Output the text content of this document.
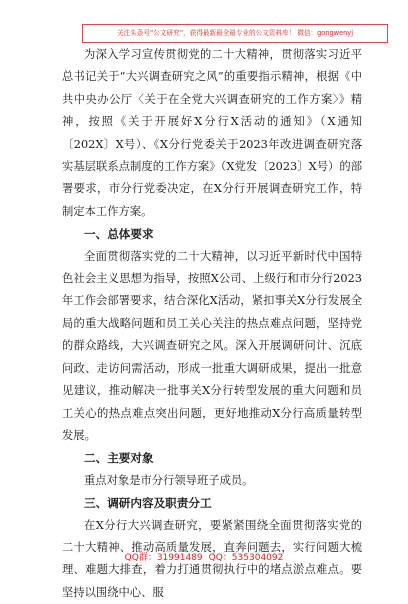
关注头条号“公文研究”，获得最新最全最专业的公文资料库！ 微信：gongwenyj

为深入学习宣传贯彻党的二十大精神，贯彻落实习近平总书记关于“大兴调查研究之风”的重要指示精神，根据《中共中央办公厅〈关于在全党大兴调查研究的工作方案〉》精神，按照《关于开展好X分行X活动的通知》（X通知〔202X〕X号）、《X分行党委关于2023年改进调查研究落实基层联系点制度的工作方案》（X党发〔2023〕X号）的部署要求，市分行党委决定，在X分行开展调查研究工作，特制定本工作方案。

一、总体要求

全面贯彻落实党的二十大精神，以习近平新时代中国特色社会主义思想为指导，按照X公司、上级行和市分行2023年工作会部署要求，结合深化X活动，紧扣事关X分行发展全局的重大战略问题和员工关心关注的热点难点问题，坚持党的群众路线，大兴调查研究之风。深入开展调研问计、沉底问政、走访问需活动，形成一批重大调研成果，提出一批意见建议，推动解决一批事关X分行转型发展的重大问题和员工关心的热点难点突出问题，更好地推动X分行高质量转型发展。

二、主要对象

重点对象是市分行领导班子成员。

三、调研内容及职责分工

在X分行大兴调查研究，要紧紧围绕全面贯彻落实党的二十大精神、推动高质量发展，直奔问题去，实行问题大梳理、难题大排查，着力打通贯彻执行中的堵点淤点难点。要坚持以围绕中心、服

QQ群：31991489 QQ：535304092
